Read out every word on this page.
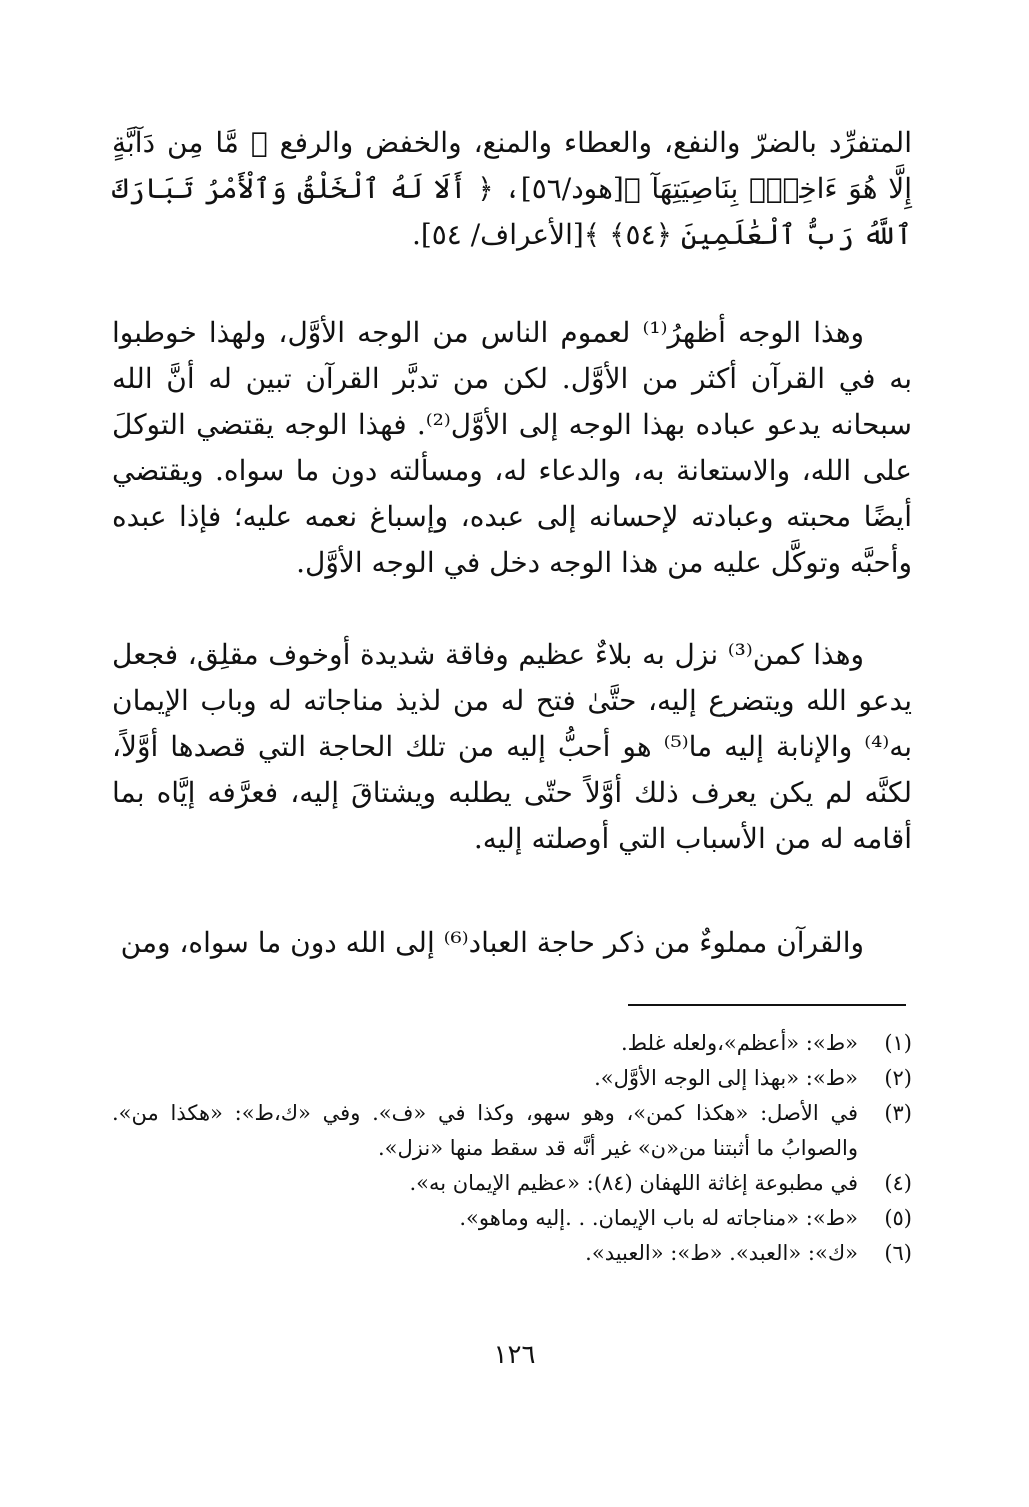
المتفرِّد بالضرّ والنفع، والعطاء والمنع، والخفض والرفع ﴿ مَّا مِن دَآبَّةٍ إِلَّا هُوَ ءَاخِذُۢ بِنَاصِيَتِهَآ ﴾[هود/٥٦]، ﴿ أَلَا لَهُ ٱلْخَلْقُ وَٱلْأَمْرُ تَبَارَكَ ٱللَّهُ رَبُّ ٱلْعَٰلَمِينَ ﴿٥٤﴾ ﴾[الأعراف/ ٥٤].

وهذا الوجه أظهرُ⁽¹⁾ لعموم الناس من الوجه الأوَّل، ولهذا خوطبوا به في القرآن أكثر من الأوَّل. لكن من تدبَّر القرآن تبين له أنَّ الله سبحانه يدعو عباده بهذا الوجه إلى الأوَّل⁽²⁾. فهذا الوجه يقتضي التوكلَ على الله، والاستعانة به، والدعاء له، ومسألته دون ما سواه. ويقتضي أيضًا محبته وعبادته لإحسانه إلى عبده، وإسباغ نعمه عليه؛ فإذا عبده وأحبَّه وتوكَّل عليه من هذا الوجه دخل في الوجه الأوَّل.

وهذا كمن⁽³⁾ نزل به بلاءٌ عظيم وفاقة شديدة أوخوف مقلِق، فجعل يدعو الله ويتضرع إليه، حتَّىٰ فتح له من لذيذ مناجاته له وباب الإيمان به⁽⁴⁾ والإنابة إليه ما⁽⁵⁾ هو أحبُّ إليه من تلك الحاجة التي قصدها أوَّلاً، لكنَّه لم يكن يعرف ذلك أوَّلاً حتّى يطلبه ويشتاقَ إليه، فعرَّفه إيَّاه بما أقامه له من الأسباب التي أوصلته إليه.

والقرآن مملوءٌ من ذكر حاجة العباد⁽⁶⁾ إلى الله دون ما سواه، ومن

(١)
«ط»: «أعظم»،ولعله غلط.
(٢)
«ط»: «بهذا إلى الوجه الأوَّل».
(٣)
في الأصل: «هكذا كمن»، وهو سهو، وكذا في «ف». وفي «ك،ط»: «هكذا من». والصوابُ ما أثبتنا من«ن» غير أنَّه قد سقط منها «نزل».
(٤)
في مطبوعة إغاثة اللهفان (٨٤): «عظيم الإيمان به».
(٥)
«ط»: «مناجاته له باب الإيمان. . .إليه وماهو».
(٦)
«ك»: «العبد». «ط»: «العبيد».
١٢٦
